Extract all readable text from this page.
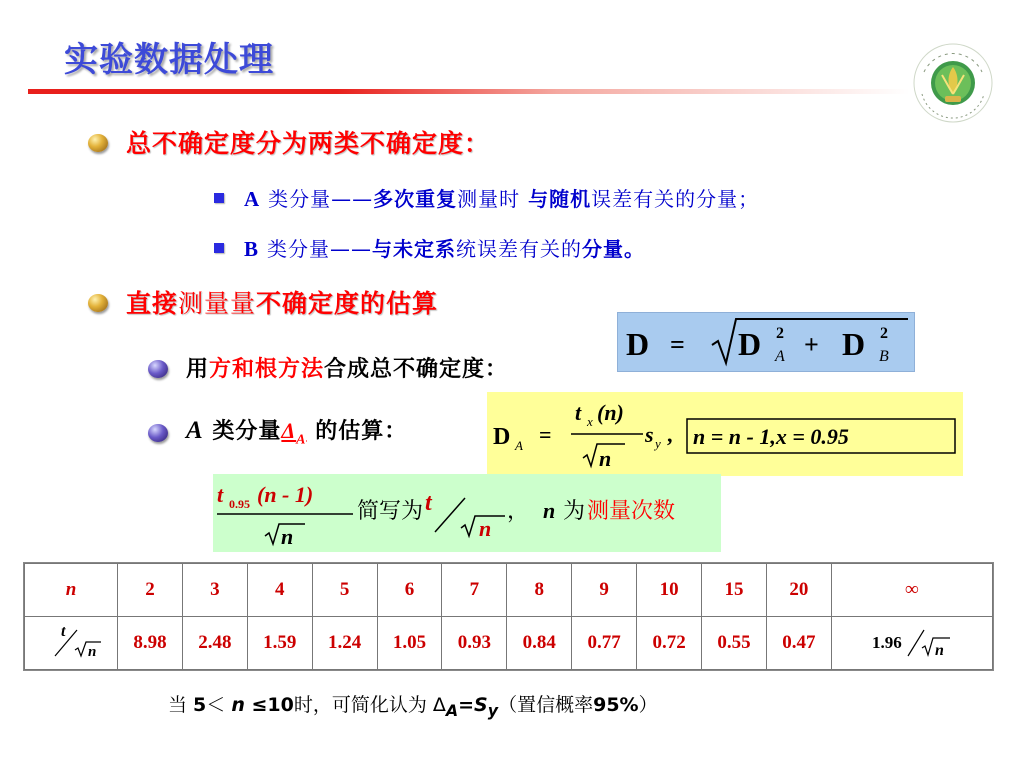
实验数据处理
总不确定度分为两类不确定度：
A 类分量——多次重复测量时 与随机误差有关的分量；
B 类分量——与未定系统误差有关的分量。
直接测量量不确定度的估算
用方和根方法合成总不确定度：
A 类分量$\Delta_A$ 的估算：
D = D 2
A + D 2
B
D A =
t x (n)
n
s y , n = n - 1,x = 0.95
t 0.95 (n - 1)
n
简写为 t
n
， n 为 测量次数
n	2	3	4	5	6	7	8	9	10	15	20	∞

t
n	8.98	2.48	1.59	1.24	1.05	0.93	0.84	0.77	0.72	0.55	0.47	1.96 n
当 5＜ n ≤10时，可简化认为 $\Delta_A=S_y$（置信概率95%）
